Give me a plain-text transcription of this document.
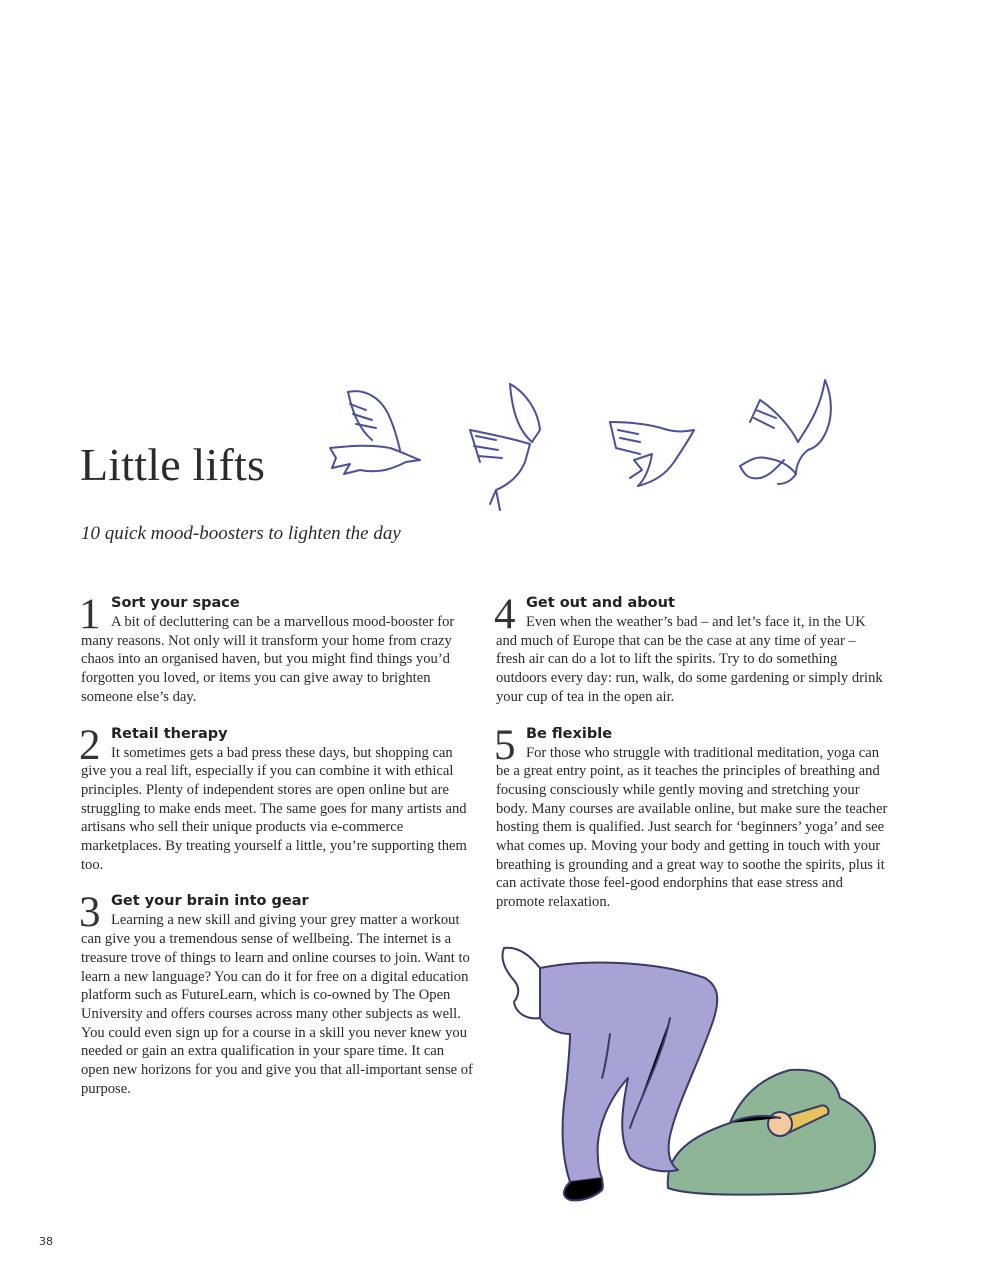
Little lifts

10 quick mood-boosters to lighten the day

1 Sort your space

A bit of decluttering can be a marvellous mood-booster for many reasons. Not only will it transform your home from crazy chaos into an organised haven, but you might find things you’d forgotten you loved, or items you can give away to brighten someone else’s day.

2 Retail therapy

It sometimes gets a bad press these days, but shopping can give you a real lift, especially if you can combine it with ethical principles. Plenty of independent stores are open online but are struggling to make ends meet. The same goes for many artists and artisans who sell their unique products via e-commerce marketplaces. By treating yourself a little, you’re supporting them too.

3 Get your brain into gear

Learning a new skill and giving your grey matter a workout can give you a tremendous sense of wellbeing. The internet is a treasure trove of things to learn and online courses to join. Want to learn a new language? You can do it for free on a digital education platform such as FutureLearn, which is co-owned by The Open University and offers courses across many other subjects as well. You could even sign up for a course in a skill you never knew you needed or gain an extra qualification in your spare time. It can open new horizons for you and give you that all-important sense of purpose.

4 Get out and about

Even when the weather’s bad – and let’s face it, in the UK and much of Europe that can be the case at any time of year – fresh air can do a lot to lift the spirits. Try to do something outdoors every day: run, walk, do some gardening or simply drink your cup of tea in the open air.

5 Be flexible

For those who struggle with traditional meditation, yoga can be a great entry point, as it teaches the principles of breathing and focusing consciously while gently moving and stretching your body. Many courses are available online, but make sure the teacher hosting them is qualified. Just search for ‘beginners’ yoga’ and see what comes up. Moving your body and getting in touch with your breathing is grounding and a great way to soothe the spirits, plus it can activate those feel-good endorphins that ease stress and promote relaxation.

38
